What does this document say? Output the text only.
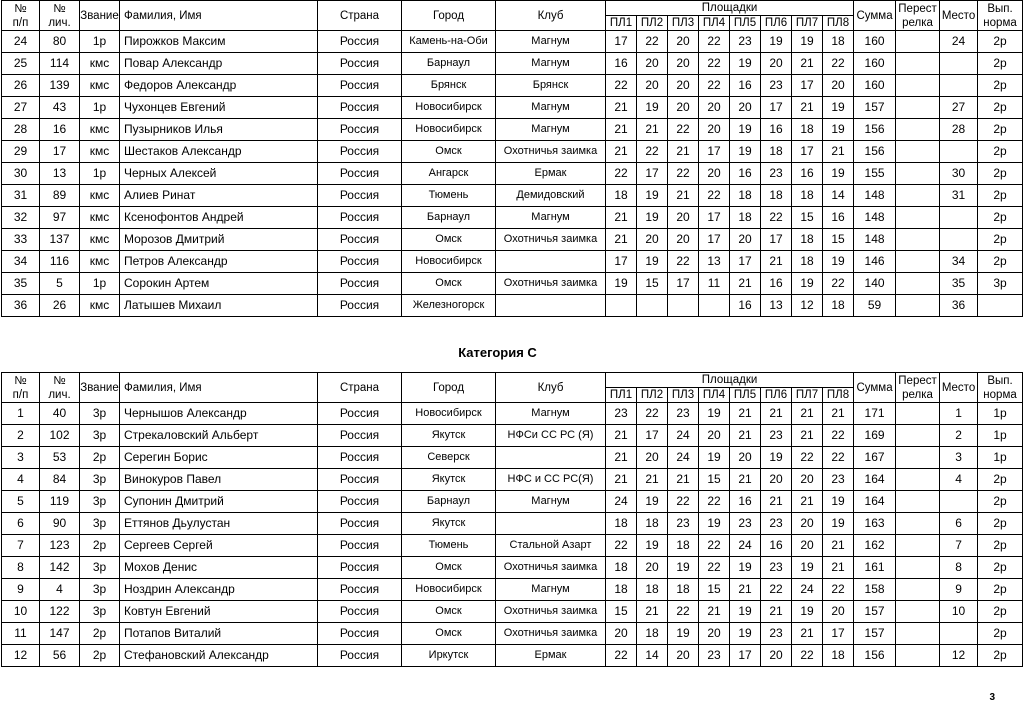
№
п/п	№
лич.	Звание	Фамилия, Имя	Страна	Город	Клуб	Площадки								Сумма	Перест
релка	Место	Вып.
норма
							ПЛ1	ПЛ2	ПЛ3	ПЛ4	ПЛ5	ПЛ6	ПЛ7	ПЛ8				
24	80	1р	Пирожков Максим	Россия	Камень-на-Оби	Магнум	17	22	20	22	23	19	19	18	160		24	2р
25	114	кмс	Повар Александр	Россия	Барнаул	Магнум	16	20	20	22	19	20	21	22	160			2р
26	139	кмс	Федоров Александр	Россия	Брянск	Брянск	22	20	20	22	16	23	17	20	160			2р
27	43	1р	Чухонцев Евгений	Россия	Новосибирск	Магнум	21	19	20	20	20	17	21	19	157		27	2р
28	16	кмс	Пузырников Илья	Россия	Новосибирск	Магнум	21	21	22	20	19	16	18	19	156		28	2р
29	17	кмс	Шестаков Александр	Россия	Омск	Охотничья заимка	21	22	21	17	19	18	17	21	156			2р
30	13	1р	Черных Алексей	Россия	Ангарск	Ермак	22	17	22	20	16	23	16	19	155		30	2р
31	89	кмс	Алиев Ринат	Россия	Тюмень	Демидовский	18	19	21	22	18	18	18	14	148		31	2р
32	97	кмс	Ксенофонтов Андрей	Россия	Барнаул	Магнум	21	19	20	17	18	22	15	16	148			2р
33	137	кмс	Морозов Дмитрий	Россия	Омск	Охотничья заимка	21	20	20	17	20	17	18	15	148			2р
34	116	кмс	Петров Александр	Россия	Новосибирск		17	19	22	13	17	21	18	19	146		34	2р
35	5	1р	Сорокин Артем	Россия	Омск	Охотничья заимка	19	15	17	11	21	16	19	22	140		35	3р
36	26	кмс	Латышев Михаил	Россия	Железногорск						16	13	12	18	59		36	
Категория С
№
п/п	№
лич.	Звание	Фамилия, Имя	Страна	Город	Клуб	Площадки								Сумма	Перест
релка	Место	Вып.
норма
							ПЛ1	ПЛ2	ПЛ3	ПЛ4	ПЛ5	ПЛ6	ПЛ7	ПЛ8				
1	40	3р	Чернышов Александр	Россия	Новосибирск	Магнум	23	22	23	19	21	21	21	21	171		1	1р
2	102	3р	Стрекаловский Альберт	Россия	Якутск	НФСи СС РС (Я)	21	17	24	20	21	23	21	22	169		2	1р
3	53	2р	Серегин Борис	Россия	Северск		21	20	24	19	20	19	22	22	167		3	1р
4	84	3р	Винокуров Павел	Россия	Якутск	НФС и СС РС(Я)	21	21	21	15	21	20	20	23	164		4	2р
5	119	3р	Супонин Дмитрий	Россия	Барнаул	Магнум	24	19	22	22	16	21	21	19	164			2р
6	90	3р	Еттянов Дьулустан	Россия	Якутск		18	18	23	19	23	23	20	19	163		6	2р
7	123	2р	Сергеев Сергей	Россия	Тюмень	Стальной Азарт	22	19	18	22	24	16	20	21	162		7	2р
8	142	3р	Мохов Денис	Россия	Омск	Охотничья заимка	18	20	19	22	19	23	19	21	161		8	2р
9	4	3р	Ноздрин Александр	Россия	Новосибирск	Магнум	18	18	18	15	21	22	24	22	158		9	2р
10	122	3р	Ковтун Евгений	Россия	Омск	Охотничья заимка	15	21	22	21	19	21	19	20	157		10	2р
11	147	2р	Потапов Виталий	Россия	Омск	Охотничья заимка	20	18	19	20	19	23	21	17	157			2р
12	56	2р	Стефановский Александр	Россия	Иркутск	Ермак	22	14	20	23	17	20	22	18	156		12	2р
3
